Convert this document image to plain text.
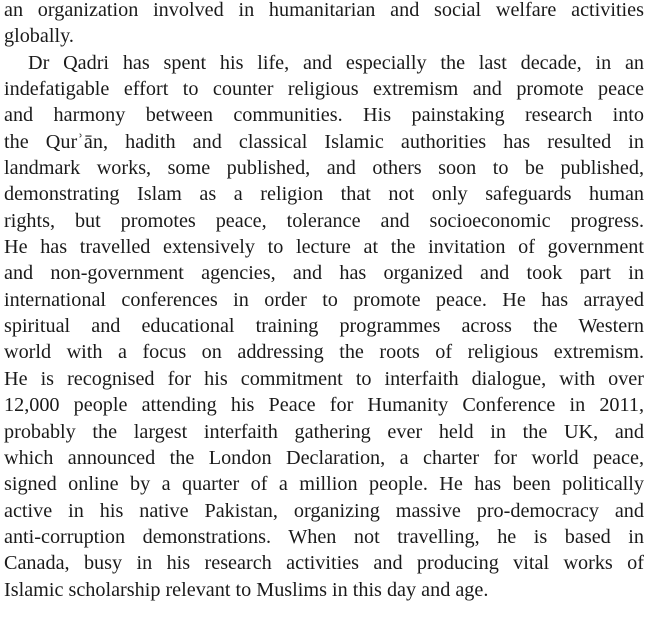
an organization involved in humanitarian and social welfare activities
globally.
Dr Qadri has spent his life, and especially the last decade, in an
indefatigable effort to counter religious extremism and promote peace
and harmony between communities. His painstaking research into
the Qurʾān, hadith and classical Islamic authorities has resulted in
landmark works, some published, and others soon to be published,
demonstrating Islam as a religion that not only safeguards human
rights, but promotes peace, tolerance and socioeconomic progress.
He has travelled extensively to lecture at the invitation of government
and non-government agencies, and has organized and took part in
international conferences in order to promote peace. He has arrayed
spiritual and educational training programmes across the Western
world with a focus on addressing the roots of religious extremism.
He is recognised for his commitment to interfaith dialogue, with over
12,000 people attending his Peace for Humanity Conference in 2011,
probably the largest interfaith gathering ever held in the UK, and
which announced the London Declaration, a charter for world peace,
signed online by a quarter of a million people. He has been politically
active in his native Pakistan, organizing massive pro-democracy and
anti-corruption demonstrations. When not travelling, he is based in
Canada, busy in his research activities and producing vital works of
Islamic scholarship relevant to Muslims in this day and age.
